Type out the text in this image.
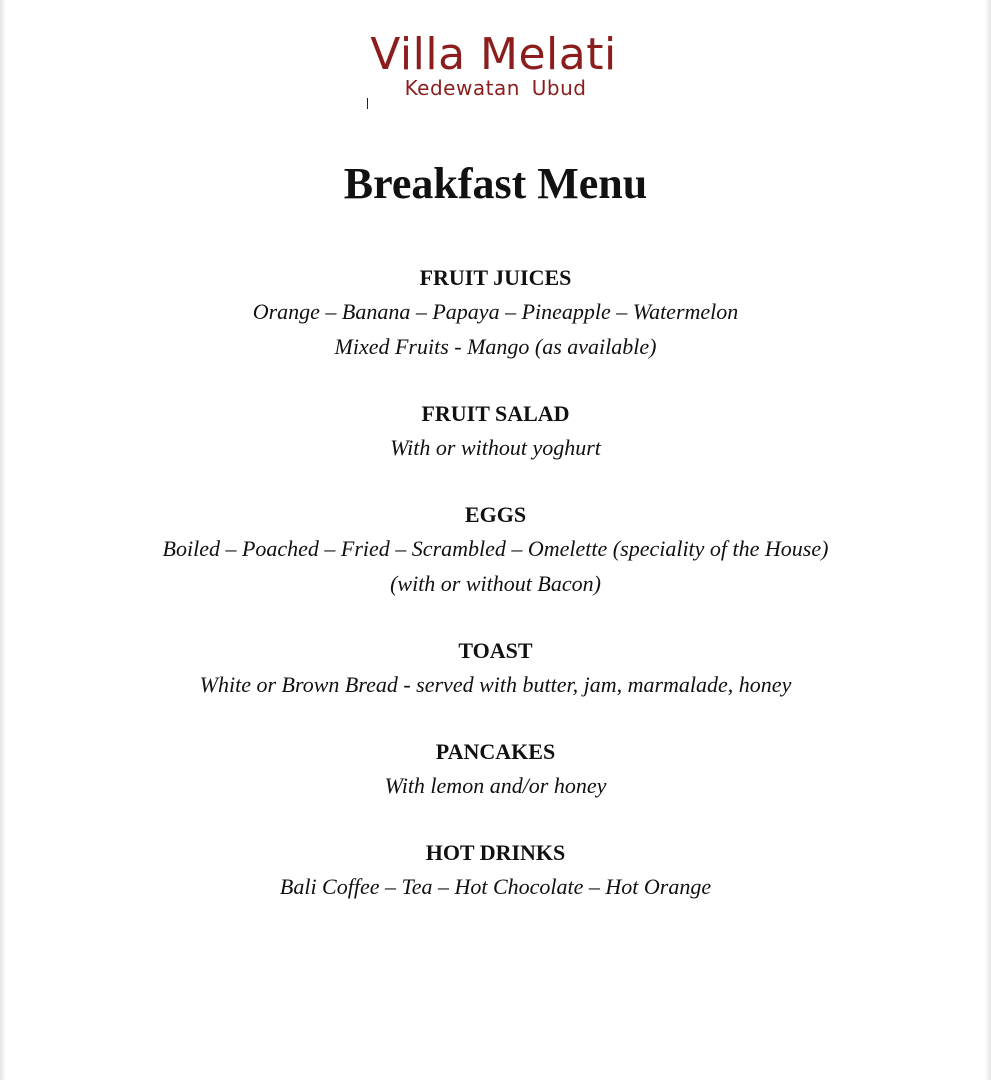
Villa Melati
Kedewatan Ubud
Breakfast Menu
FRUIT JUICES
Orange – Banana – Papaya – Pineapple – Watermelon
Mixed Fruits - Mango (as available)
FRUIT SALAD
With or without yoghurt
EGGS
Boiled – Poached – Fried – Scrambled – Omelette (speciality of the House)
(with or without Bacon)
TOAST
White or Brown Bread - served with butter, jam, marmalade, honey
PANCAKES
With lemon and/or honey
HOT DRINKS
Bali Coffee – Tea – Hot Chocolate – Hot Orange
